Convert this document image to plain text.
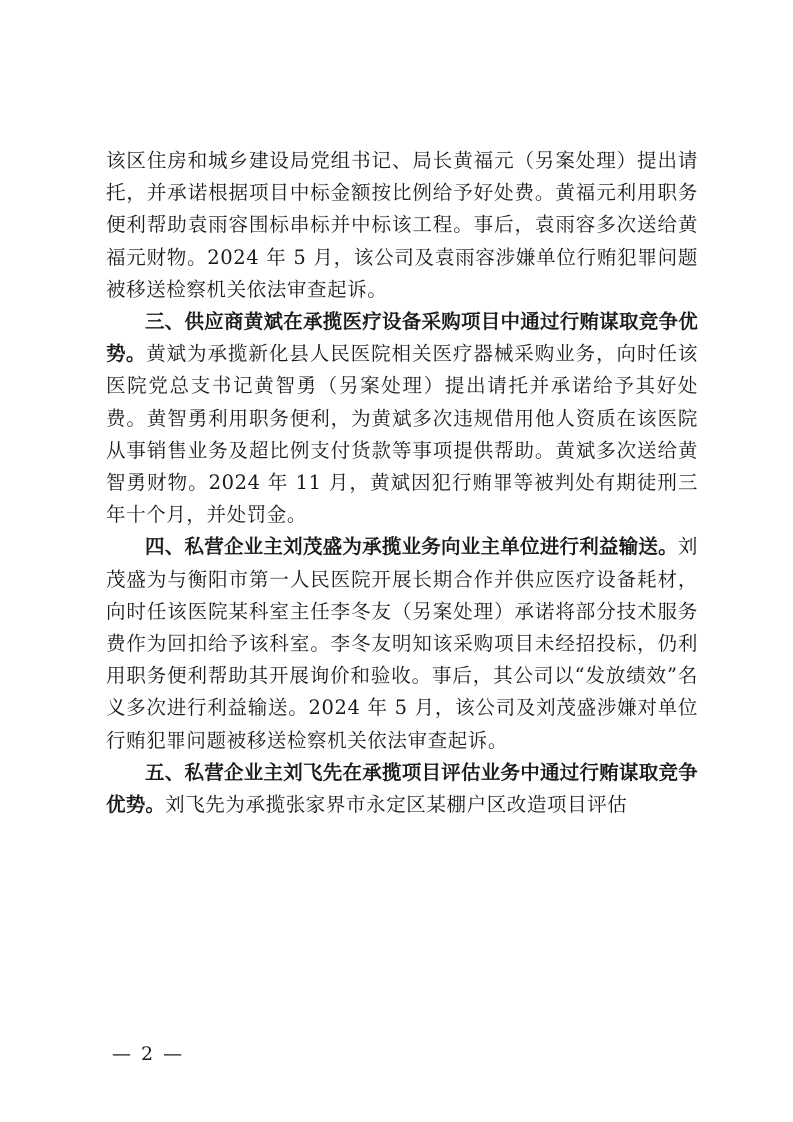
该区住房和城乡建设局党组书记、局长黄福元（另案处理）提出请托，并承诺根据项目中标金额按比例给予好处费。黄福元利用职务便利帮助袁雨容围标串标并中标该工程。事后，袁雨容多次送给黄福元财物。2024 年 5 月，该公司及袁雨容涉嫌单位行贿犯罪问题被移送检察机关依法审查起诉。

三、供应商黄斌在承揽医疗设备采购项目中通过行贿谋取竞争优势。黄斌为承揽新化县人民医院相关医疗器械采购业务，向时任该医院党总支书记黄智勇（另案处理）提出请托并承诺给予其好处费。黄智勇利用职务便利，为黄斌多次违规借用他人资质在该医院从事销售业务及超比例支付货款等事项提供帮助。黄斌多次送给黄智勇财物。2024 年 11 月，黄斌因犯行贿罪等被判处有期徒刑三年十个月，并处罚金。

四、私营企业主刘茂盛为承揽业务向业主单位进行利益输送。刘茂盛为与衡阳市第一人民医院开展长期合作并供应医疗设备耗材，向时任该医院某科室主任李冬友（另案处理）承诺将部分技术服务费作为回扣给予该科室。李冬友明知该采购项目未经招投标，仍利用职务便利帮助其开展询价和验收。事后，其公司以“发放绩效”名义多次进行利益输送。2024 年 5 月，该公司及刘茂盛涉嫌对单位行贿犯罪问题被移送检察机关依法审查起诉。

五、私营企业主刘飞先在承揽项目评估业务中通过行贿谋取竞争优势。刘飞先为承揽张家界市永定区某棚户区改造项目评估

— 2 —
